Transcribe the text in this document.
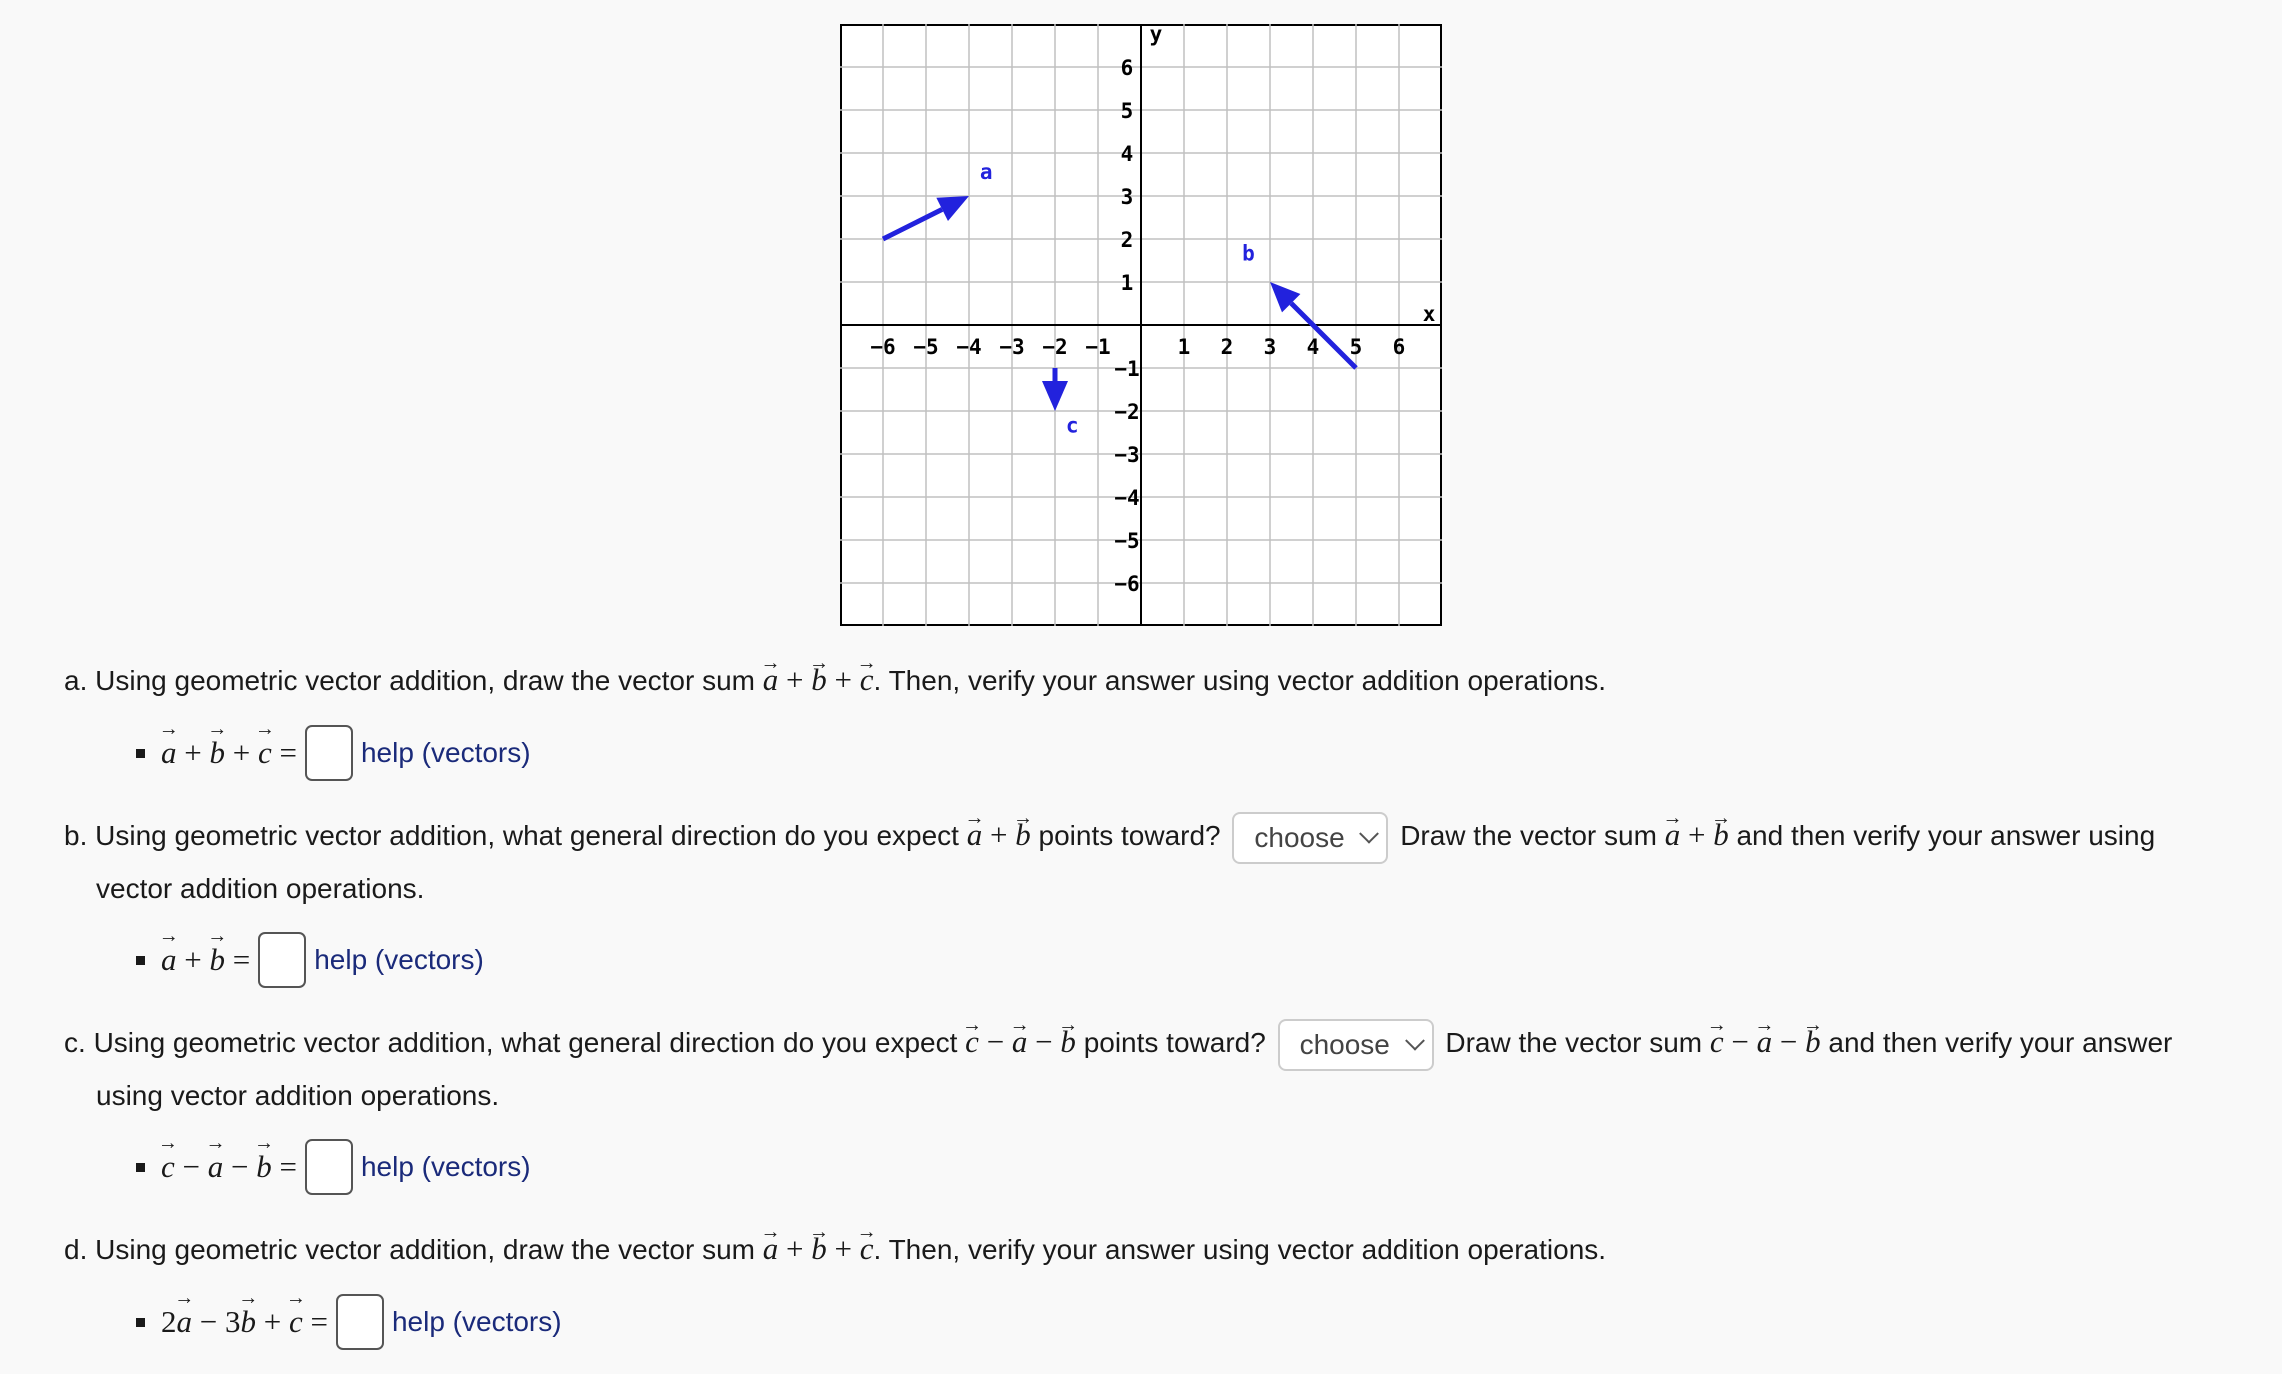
−6 −5 −4 −3 −2 −1	1 2 3 4 5 6
6
5
4
3
2
1
−1
−2
−3
−4
−5
−6
x
y
a
b
c
a. Using geometric vector addition, draw the vector sum → a + → b + → c. Then, verify your answer using vector addition operations.
→ a + → b + → c = help (vectors)
b. Using geometric vector addition, what general direction do you expect → a + → b points toward? choose Draw the vector sum → a + → b and then verify your answer using
vector addition operations.
→ a + → b = help (vectors)
c. Using geometric vector addition, what general direction do you expect → c − → a − → b points toward? choose Draw the vector sum → c − → a − → b and then verify your answer
using vector addition operations.
→ c − → a − → b = help (vectors)
d. Using geometric vector addition, draw the vector sum → a + → b + → c. Then, verify your answer using vector addition operations.
2→ a − 3→ b + → c = help (vectors)
